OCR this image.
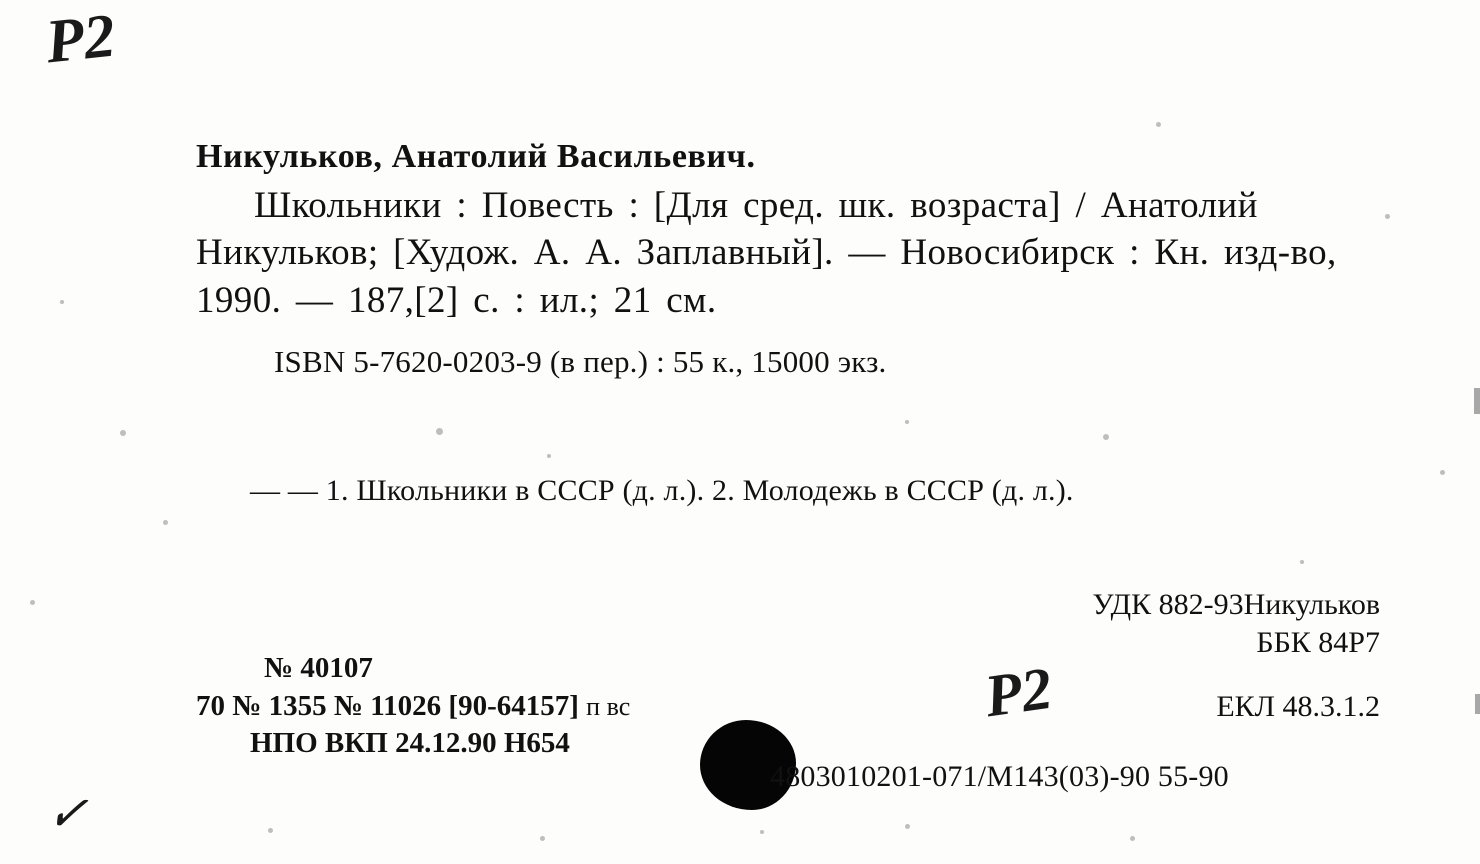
Р2
Р2
✓
Никульков, Анатолий Васильевич.
Школьники : Повесть : [Для сред. шк. возраста] / Анатолий Никульков; [Худож. А. А. Заплавный]. — Новосибирск : Кн. изд-во, 1990. — 187,[2] с. : ил.; 21 см.
ISBN 5-7620-0203-9 (в пер.) : 55 к., 15000 экз.
— — 1. Школьники в СССР (д. л.). 2. Молодежь в СССР (д. л.).
УДК 882-93Никульков
ББК 84Р7
ЕКЛ 48.3.1.2
№ 40107
70 № 1355 № 11026 [90-64157] п вс
НПО ВКП 24.12.90 Н654
4803010201-071/М143(03)-90 55-90
